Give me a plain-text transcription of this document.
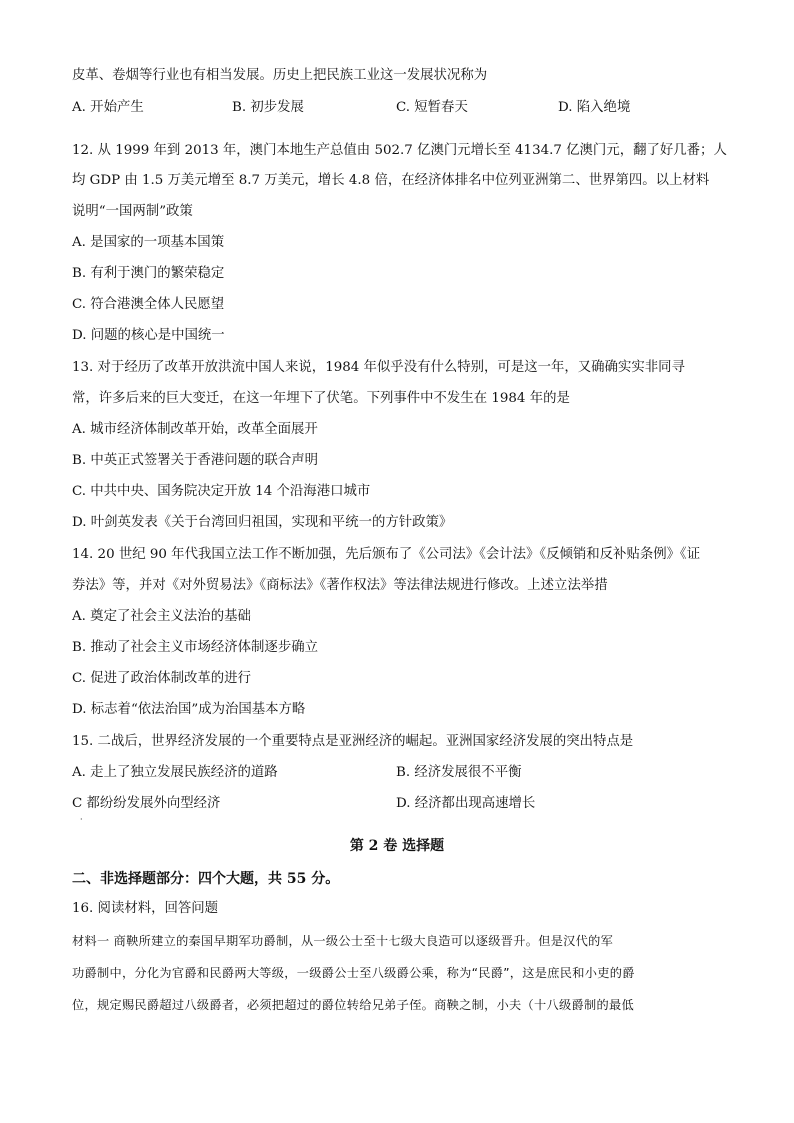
皮革、卷烟等行业也有相当发展。历史上把民族工业这一发展状况称为
A. 开始产生	B. 初步发展	C. 短暂春天	D. 陷入绝境
12. 从 1999 年到 2013 年，澳门本地生产总值由 502.7 亿澳门元增长至 4134.7 亿澳门元，翻了好几番；人
均 GDP 由 1.5 万美元增至 8.7 万美元，增长 4.8 倍，在经济体排名中位列亚洲第二、世界第四。以上材料
说明“一国两制”政策
A. 是国家的一项基本国策
B. 有利于澳门的繁荣稳定
C. 符合港澳全体人民愿望
D. 问题的核心是中国统一
13. 对于经历了改革开放洪流中国人来说，1984 年似乎没有什么特别，可是这一年，又确确实实非同寻
常，许多后来的巨大变迁，在这一年埋下了伏笔。下列事件中不发生在 1984 年的是
A. 城市经济体制改革开始，改革全面展开
B. 中英正式签署关于香港问题的联合声明
C. 中共中央、国务院决定开放 14 个沿海港口城市
D. 叶剑英发表《关于台湾回归祖国，实现和平统一的方针政策》
14. 20 世纪 90 年代我国立法工作不断加强，先后颁布了《公司法》《会计法》《反倾销和反补贴条例》《证
券法》等，并对《对外贸易法》《商标法》《著作权法》等法律法规进行修改。上述立法举措
A. 奠定了社会主义法治的基础
B. 推动了社会主义市场经济体制逐步确立
C. 促进了政治体制改革的进行
D. 标志着“依法治国”成为治国基本方略
15. 二战后，世界经济发展的一个重要特点是亚洲经济的崛起。亚洲国家经济发展的突出特点是
A. 走上了独立发展民族经济的道路	B. 经济发展很不平衡
C 都纷纷发展外向型经济	D. 经济都出现高速增长
·
第 2 卷 选择题
二、非选择题部分：四个大题，共 55 分。
16. 阅读材料，回答问题
材料一 商鞅所建立的秦国早期军功爵制，从一级公士至十七级大良造可以逐级晋升。但是汉代的军
功爵制中，分化为官爵和民爵两大等级，一级爵公士至八级爵公乘，称为“民爵”，这是庶民和小吏的爵
位，规定赐民爵超过八级爵者，必须把超过的爵位转给兄弟子侄。商鞅之制，小夫（十八级爵制的最低
